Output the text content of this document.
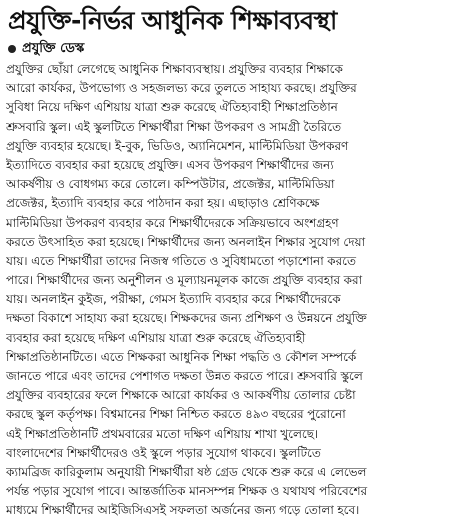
প্রযুক্তি-নির্ভর আধুনিক শিক্ষাব্যবস্থা
প্রযুক্তি ডেস্ক
প্রযুক্তির ছোঁয়া লেগেছে আধুনিক শিক্ষাব্যবস্থায়। প্রযুক্তির ব্যবহার শিক্ষাকে
আরো কার্যকর, উপভোগ্য ও সহজলভ্য করে তুলতে সাহায্য করছে। প্রযুক্তির
সুবিধা নিয়ে দক্ষিণ এশিয়ায় যাত্রা শুরু করেছে ঐতিহ্যবাহী শিক্ষাপ্রতিষ্ঠান
শ্রুসবারি স্কুল। এই স্কুলটিতে শিক্ষার্থীরা শিক্ষা উপকরণ ও সামগ্রী তৈরিতে
প্রযুক্তি ব্যবহার হয়েছে। ই-বুক, ভিডিও, অ্যানিমেশন, মাল্টিমিডিয়া উপকরণ
ইত্যাদিতে ব্যবহার করা হয়েছে প্রযুক্তি। এসব উপকরণ শিক্ষার্থীদের জন্য
আকর্ষণীয় ও বোধগম্য করে তোলে। কম্পিউটার, প্রজেক্টর, মাল্টিমিডিয়া
প্রজেক্টর, ইত্যাদি ব্যবহার করে পাঠদান করা হয়। এছাড়াও শ্রেণিকক্ষে
মাল্টিমিডিয়া উপকরণ ব্যবহার করে শিক্ষার্থীদেরকে সক্রিয়ভাবে অংশগ্রহণ
করতে উৎসাহিত করা হয়েছে। শিক্ষার্থীদের জন্য অনলাইন শিক্ষার সুযোগ দেয়া
যায়। এতে শিক্ষার্থীরা তাদের নিজস্ব গতিতে ও সুবিধামতো পড়াশোনা করতে
পারে। শিক্ষার্থীদের জন্য অনুশীলন ও মূল্যায়নমূলক কাজে প্রযুক্তি ব্যবহার করা
যায়। অনলাইন কুইজ, পরীক্ষা, গেমস ইত্যাদি ব্যবহার করে শিক্ষার্থীদেরকে
দক্ষতা বিকাশে সাহায্য করা হয়েছে। শিক্ষকদের জন্য প্রশিক্ষণ ও উন্নয়নে প্রযুক্তি
ব্যবহার করা হয়েছে দক্ষিণ এশিয়ায় যাত্রা শুরু করেছে ঐতিহ্যবাহী
শিক্ষাপ্রতিষ্ঠানটিতে। এতে শিক্ষকরা আধুনিক শিক্ষা পদ্ধতি ও কৌশল সম্পর্কে
জানতে পারে এবং তাদের পেশাগত দক্ষতা উন্নত করতে পারে। শ্রুসবারি স্কুলে
প্রযুক্তির ব্যবহারের ফলে শিক্ষাকে আরো কার্যকর ও আকর্ষণীয় তোলার চেষ্টা
করছে স্কুল কর্তৃপক্ষ। বিশ্বমানের শিক্ষা নিশ্চিত করতে ৪৯৩ বছরের পুরোনো
এই শিক্ষাপ্রতিষ্ঠানটি প্রথমবারের মতো দক্ষিণ এশিয়ায় শাখা খুলেছে।
বাংলাদেশের শিক্ষার্থীদেরও ওই স্কুলে পড়ার সুযোগ থাকবে। স্কুলটিতে
ক্যামব্রিজ কারিকুলাম অনুযায়ী শিক্ষার্থীরা ষষ্ঠ গ্রেড থেকে শুরু করে এ লেভেল
পর্যন্ত পড়ার সুযোগ পাবে। আন্তর্জাতিক মানসম্পন্ন শিক্ষক ও যথাযথ পরিবেশের
মাধ্যমে শিক্ষার্থীদের আইজিসিএসই সফলতা অর্জনের জন্য গড়ে তোলা হবে।
